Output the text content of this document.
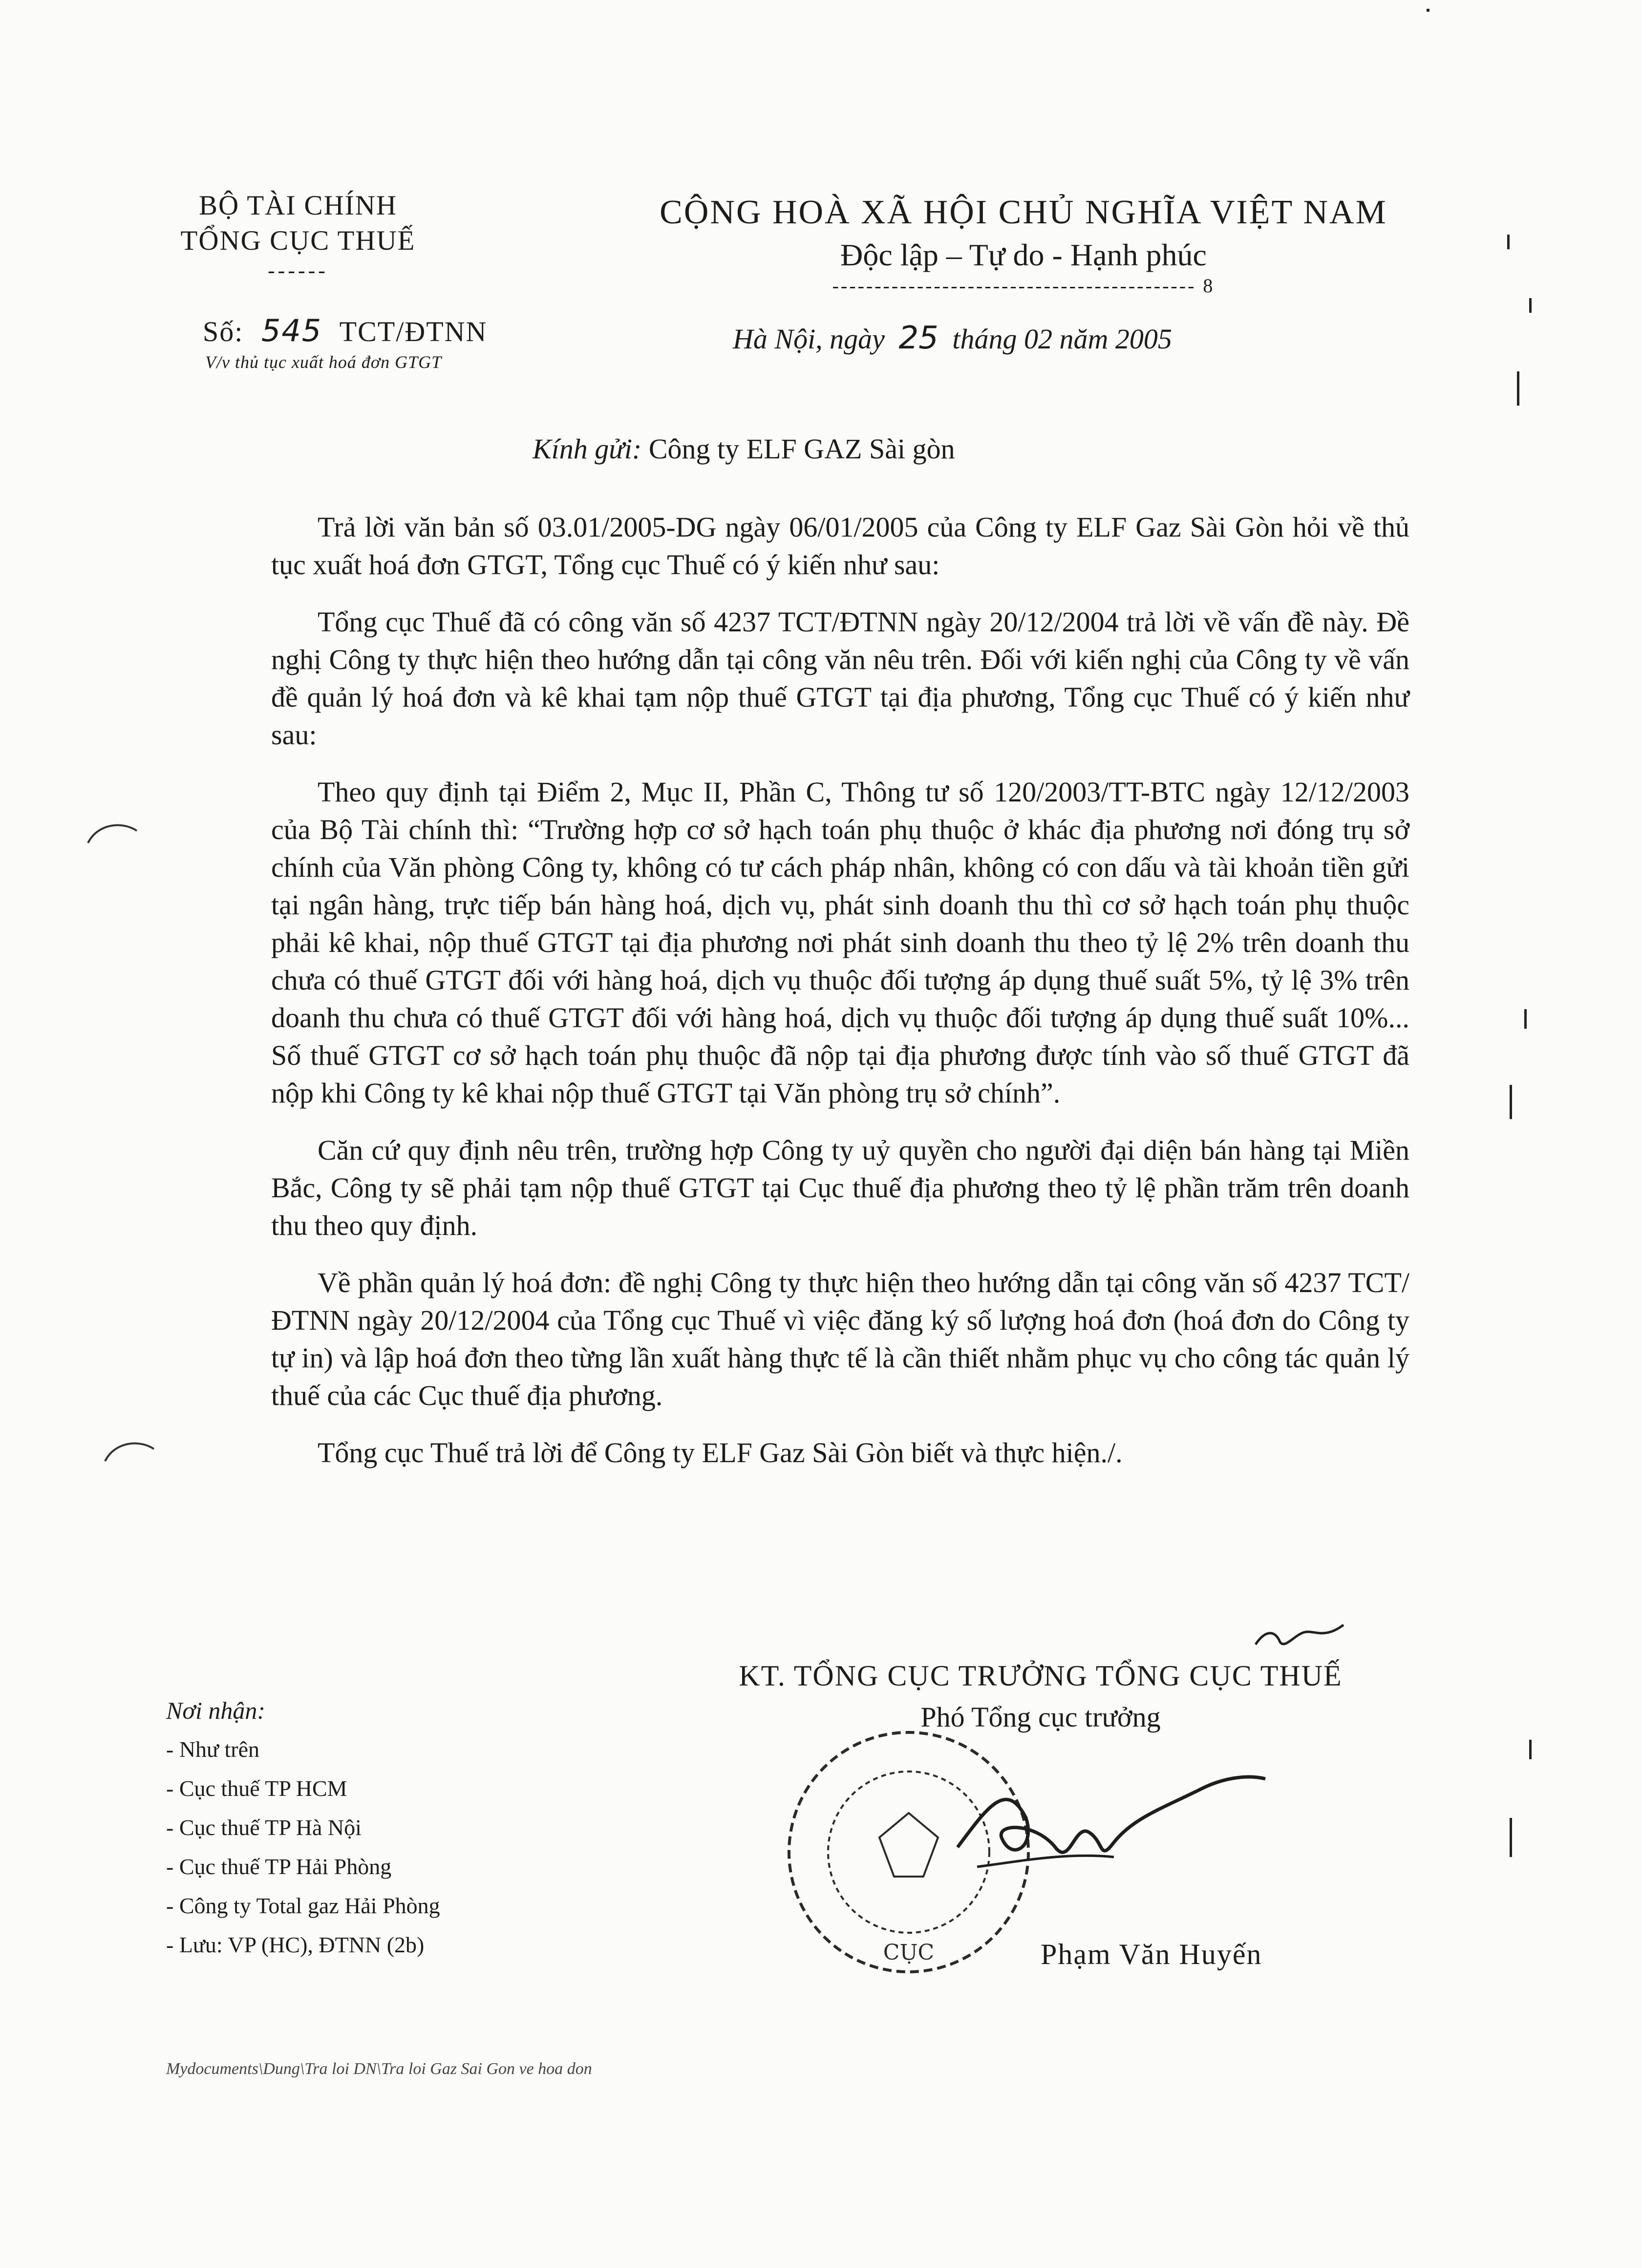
BỘ TÀI CHÍNH
TỔNG CỤC THUẾ
------
Số: 545 TCT/ĐTNN
V/v thủ tục xuất hoá đơn GTGT
CỘNG HOÀ XÃ HỘI CHỦ NGHĨA VIỆT NAM
Độc lập – Tự do - Hạnh phúc
------------------------------------------- 8
Hà Nội, ngày 25 tháng 02 năm 2005
Kính gửi: Công ty ELF GAZ Sài gòn

Trả lời văn bản số 03.01/2005-DG ngày 06/01/2005 của Công ty ELF Gaz Sài Gòn hỏi về thủ tục xuất hoá đơn GTGT, Tổng cục Thuế có ý kiến như sau:

Tổng cục Thuế đã có công văn số 4237 TCT/ĐTNN ngày 20/12/2004 trả lời về vấn đề này. Đề nghị Công ty thực hiện theo hướng dẫn tại công văn nêu trên. Đối với kiến nghị của Công ty về vấn đề quản lý hoá đơn và kê khai tạm nộp thuế GTGT tại địa phương, Tổng cục Thuế có ý kiến như sau:

Theo quy định tại Điểm 2, Mục II, Phần C, Thông tư số 120/2003/TT-BTC ngày 12/12/2003 của Bộ Tài chính thì: “Trường hợp cơ sở hạch toán phụ thuộc ở khác địa phương nơi đóng trụ sở chính của Văn phòng Công ty, không có tư cách pháp nhân, không có con dấu và tài khoản tiền gửi tại ngân hàng, trực tiếp bán hàng hoá, dịch vụ, phát sinh doanh thu thì cơ sở hạch toán phụ thuộc phải kê khai, nộp thuế GTGT tại địa phương nơi phát sinh doanh thu theo tỷ lệ 2% trên doanh thu chưa có thuế GTGT đối với hàng hoá, dịch vụ thuộc đối tượng áp dụng thuế suất 5%, tỷ lệ 3% trên doanh thu chưa có thuế GTGT đối với hàng hoá, dịch vụ thuộc đối tượng áp dụng thuế suất 10%... Số thuế GTGT cơ sở hạch toán phụ thuộc đã nộp tại địa phương được tính vào số thuế GTGT đã nộp khi Công ty kê khai nộp thuế GTGT tại Văn phòng trụ sở chính”.

Căn cứ quy định nêu trên, trường hợp Công ty uỷ quyền cho người đại diện bán hàng tại Miền Bắc, Công ty sẽ phải tạm nộp thuế GTGT tại Cục thuế địa phương theo tỷ lệ phần trăm trên doanh thu theo quy định.

Về phần quản lý hoá đơn: đề nghị Công ty thực hiện theo hướng dẫn tại công văn số 4237 TCT/ĐTNN ngày 20/12/2004 của Tổng cục Thuế vì việc đăng ký số lượng hoá đơn (hoá đơn do Công ty tự in) và lập hoá đơn theo từng lần xuất hàng thực tế là cần thiết nhằm phục vụ cho công tác quản lý thuế của các Cục thuế địa phương.

Tổng cục Thuế trả lời để Công ty ELF Gaz Sài Gòn biết và thực hiện./.

KT. TỔNG CỤC TRƯỞNG TỔNG CỤC THUẾ
Phó Tổng cục trưởng
CỤC	Phạm Văn Huyến
Nơi nhận:
- Như trên
- Cục thuế TP HCM
- Cục thuế TP Hà Nội
- Cục thuế TP Hải Phòng
- Công ty Total gaz Hải Phòng
- Lưu: VP (HC), ĐTNN (2b)
Mydocuments\Dung\Tra loi DN\Tra loi Gaz Sai Gon ve hoa don
